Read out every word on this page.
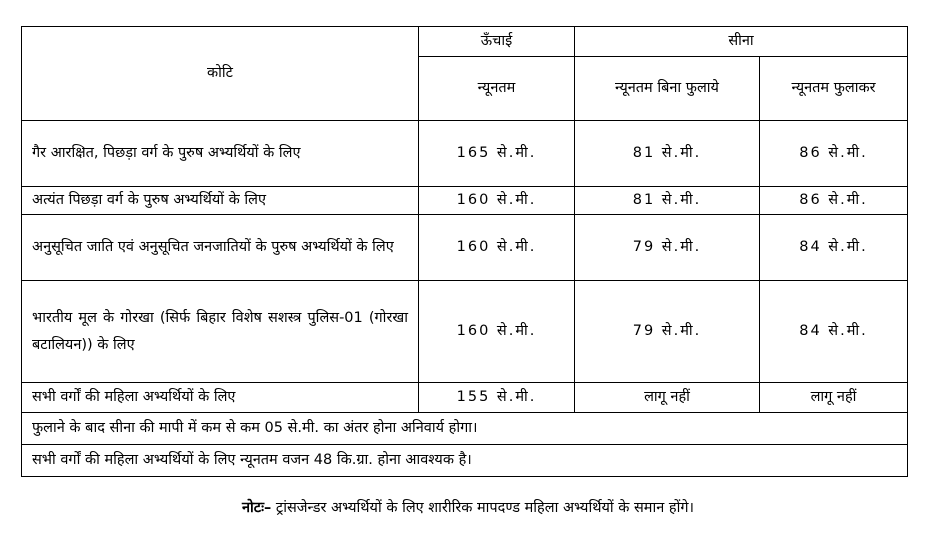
कोटि	ऊँचाई	सीना	
	न्यूनतम	न्यूनतम बिना फुलाये	न्यूनतम फुलाकर
गैर आरक्षित, पिछड़ा वर्ग के पुरुष अभ्यर्थियों के लिए	165 से.मी.	81 से.मी.	86 से.मी.
अत्यंत पिछड़ा वर्ग के पुरुष अभ्यर्थियों के लिए	160 से.मी.	81 से.मी.	86 से.मी.
अनुसूचित जाति एवं अनुसूचित जनजातियों के पुरुष अभ्यर्थियों के लिए	160 से.मी.	79 से.मी.	84 से.मी.
भारतीय मूल के गोरखा (सिर्फ बिहार विशेष सशस्त्र पुलिस-01 (गोरखा बटालियन)) के लिए	160 से.मी.	79 से.मी.	84 से.मी.
सभी वर्गों की महिला अभ्यर्थियों के लिए	155 से.मी.	लागू नहीं	लागू नहीं
फुलाने के बाद सीना की मापी में कम से कम 05 से.मी. का अंतर होना अनिवार्य होगा।			
सभी वर्गों की महिला अभ्यर्थियों के लिए न्यूनतम वजन 48 कि.ग्रा. होना आवश्यक है।			
नोटः– ट्रांसजेन्डर अभ्यर्थियों के लिए शारीरिक मापदण्ड महिला अभ्यर्थियों के समान होंगे।
